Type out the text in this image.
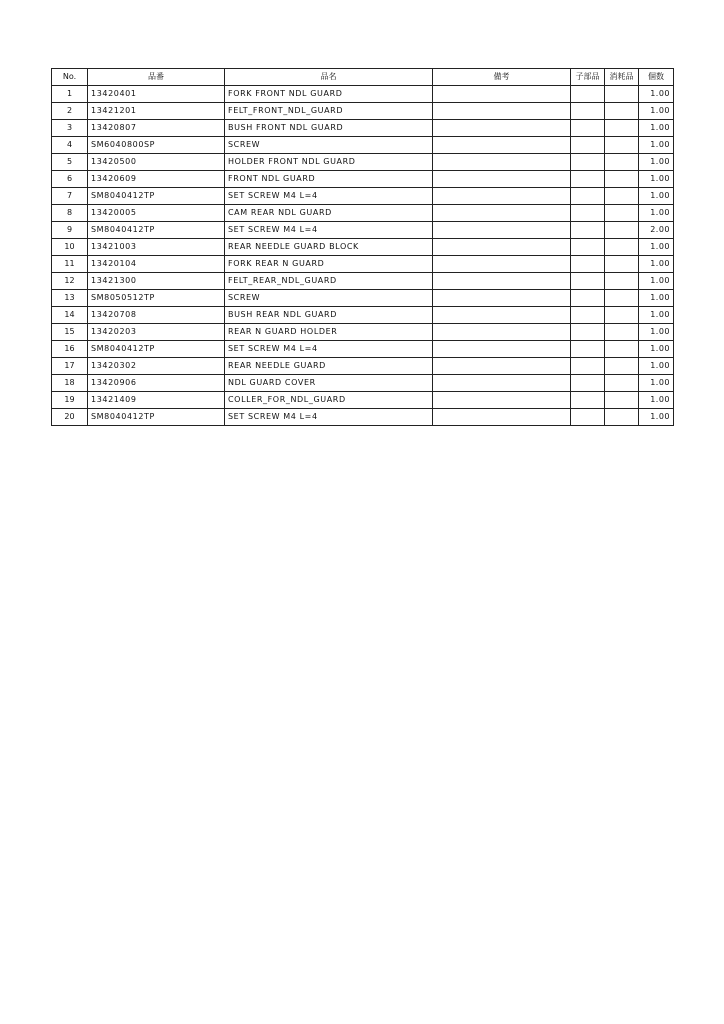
No.	品番	品名	備考	子部品	消耗品	個数
1	13420401	FORK FRONT NDL GUARD				1.00
2	13421201	FELT_FRONT_NDL_GUARD				1.00
3	13420807	BUSH FRONT NDL GUARD				1.00
4	SM6040800SP	SCREW				1.00
5	13420500	HOLDER FRONT NDL GUARD				1.00
6	13420609	FRONT NDL GUARD				1.00
7	SM8040412TP	SET SCREW M4 L=4				1.00
8	13420005	CAM REAR NDL GUARD				1.00
9	SM8040412TP	SET SCREW M4 L=4				2.00
10	13421003	REAR NEEDLE GUARD BLOCK				1.00
11	13420104	FORK REAR N GUARD				1.00
12	13421300	FELT_REAR_NDL_GUARD				1.00
13	SM8050512TP	SCREW				1.00
14	13420708	BUSH REAR NDL GUARD				1.00
15	13420203	REAR N GUARD HOLDER				1.00
16	SM8040412TP	SET SCREW M4 L=4				1.00
17	13420302	REAR NEEDLE GUARD				1.00
18	13420906	NDL GUARD COVER				1.00
19	13421409	COLLER_FOR_NDL_GUARD				1.00
20	SM8040412TP	SET SCREW M4 L=4				1.00
